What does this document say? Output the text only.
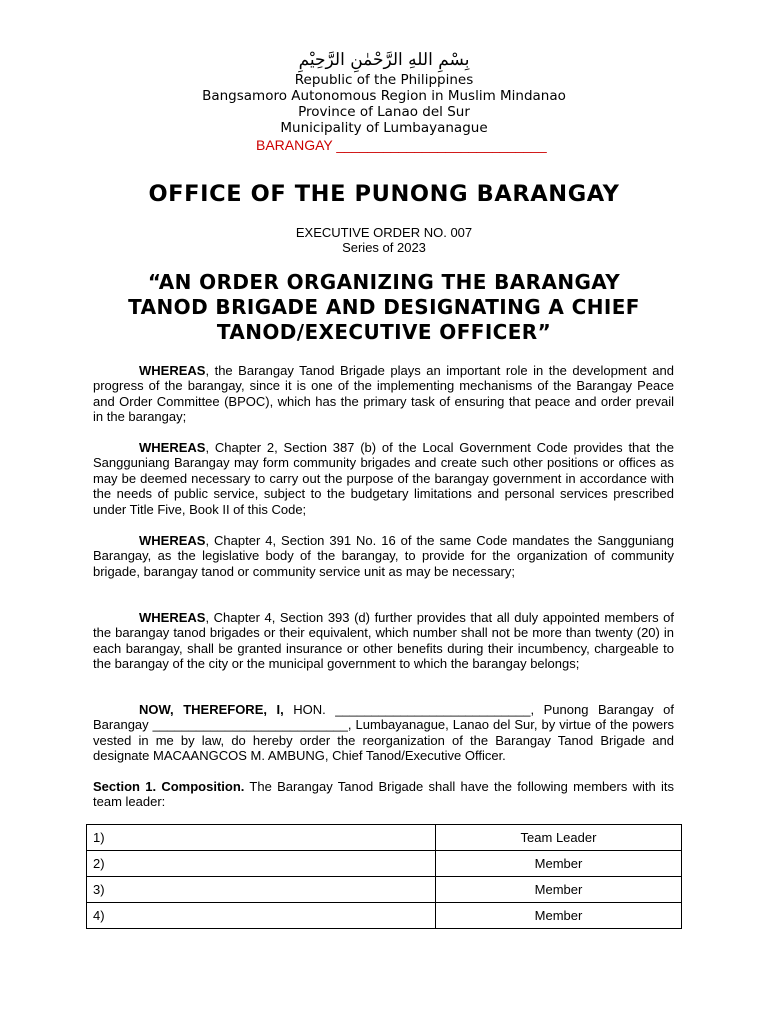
بِسْمِ اللهِ الرَّحْمٰنِ الرَّحِيْمِ
Republic of the Philippines
Bangsamoro Autonomous Region in Muslim Mindanao
Province of Lanao del Sur
Municipality of Lumbayanague
BARANGAY ___________________________
OFFICE OF THE PUNONG BARANGAY
EXECUTIVE ORDER NO. 007
Series of 2023
“AN ORDER ORGANIZING THE BARANGAY
TANOD BRIGADE AND DESIGNATING A CHIEF
TANOD/EXECUTIVE OFFICER”

WHEREAS, the Barangay Tanod Brigade plays an important role in the development and progress of the barangay, since it is one of the implementing mechanisms of the Barangay Peace and Order Committee (BPOC), which has the primary task of ensuring that peace and order prevail in the barangay;

WHEREAS, Chapter 2, Section 387 (b) of the Local Government Code provides that the Sangguniang Barangay may form community brigades and create such other positions or offices as may be deemed necessary to carry out the purpose of the barangay government in accordance with the needs of public service, subject to the budgetary limitations and personal services prescribed under Title Five, Book II of this Code;

WHEREAS, Chapter 4, Section 391 No. 16 of the same Code mandates the Sangguniang Barangay, as the legislative body of the barangay, to provide for the organization of community brigade, barangay tanod or community service unit as may be necessary;

WHEREAS, Chapter 4, Section 393 (d) further provides that all duly appointed members of the barangay tanod brigades or their equivalent, which number shall not be more than twenty (20) in each barangay, shall be granted insurance or other benefits during their incumbency, chargeable to the barangay of the city or the municipal government to which the barangay belongs;

NOW, THEREFORE, I, HON. ___________________________, Punong Barangay of Barangay ___________________________, Lumbayanague, Lanao del Sur, by virtue of the powers vested in me by law, do hereby order the reorganization of the Barangay Tanod Brigade and designate MACAANGCOS M. AMBUNG, Chief Tanod/Executive Officer.

Section 1. Composition. The Barangay Tanod Brigade shall have the following members with its team leader:

1)	Team Leader
2)	Member
3)	Member
4)	Member
